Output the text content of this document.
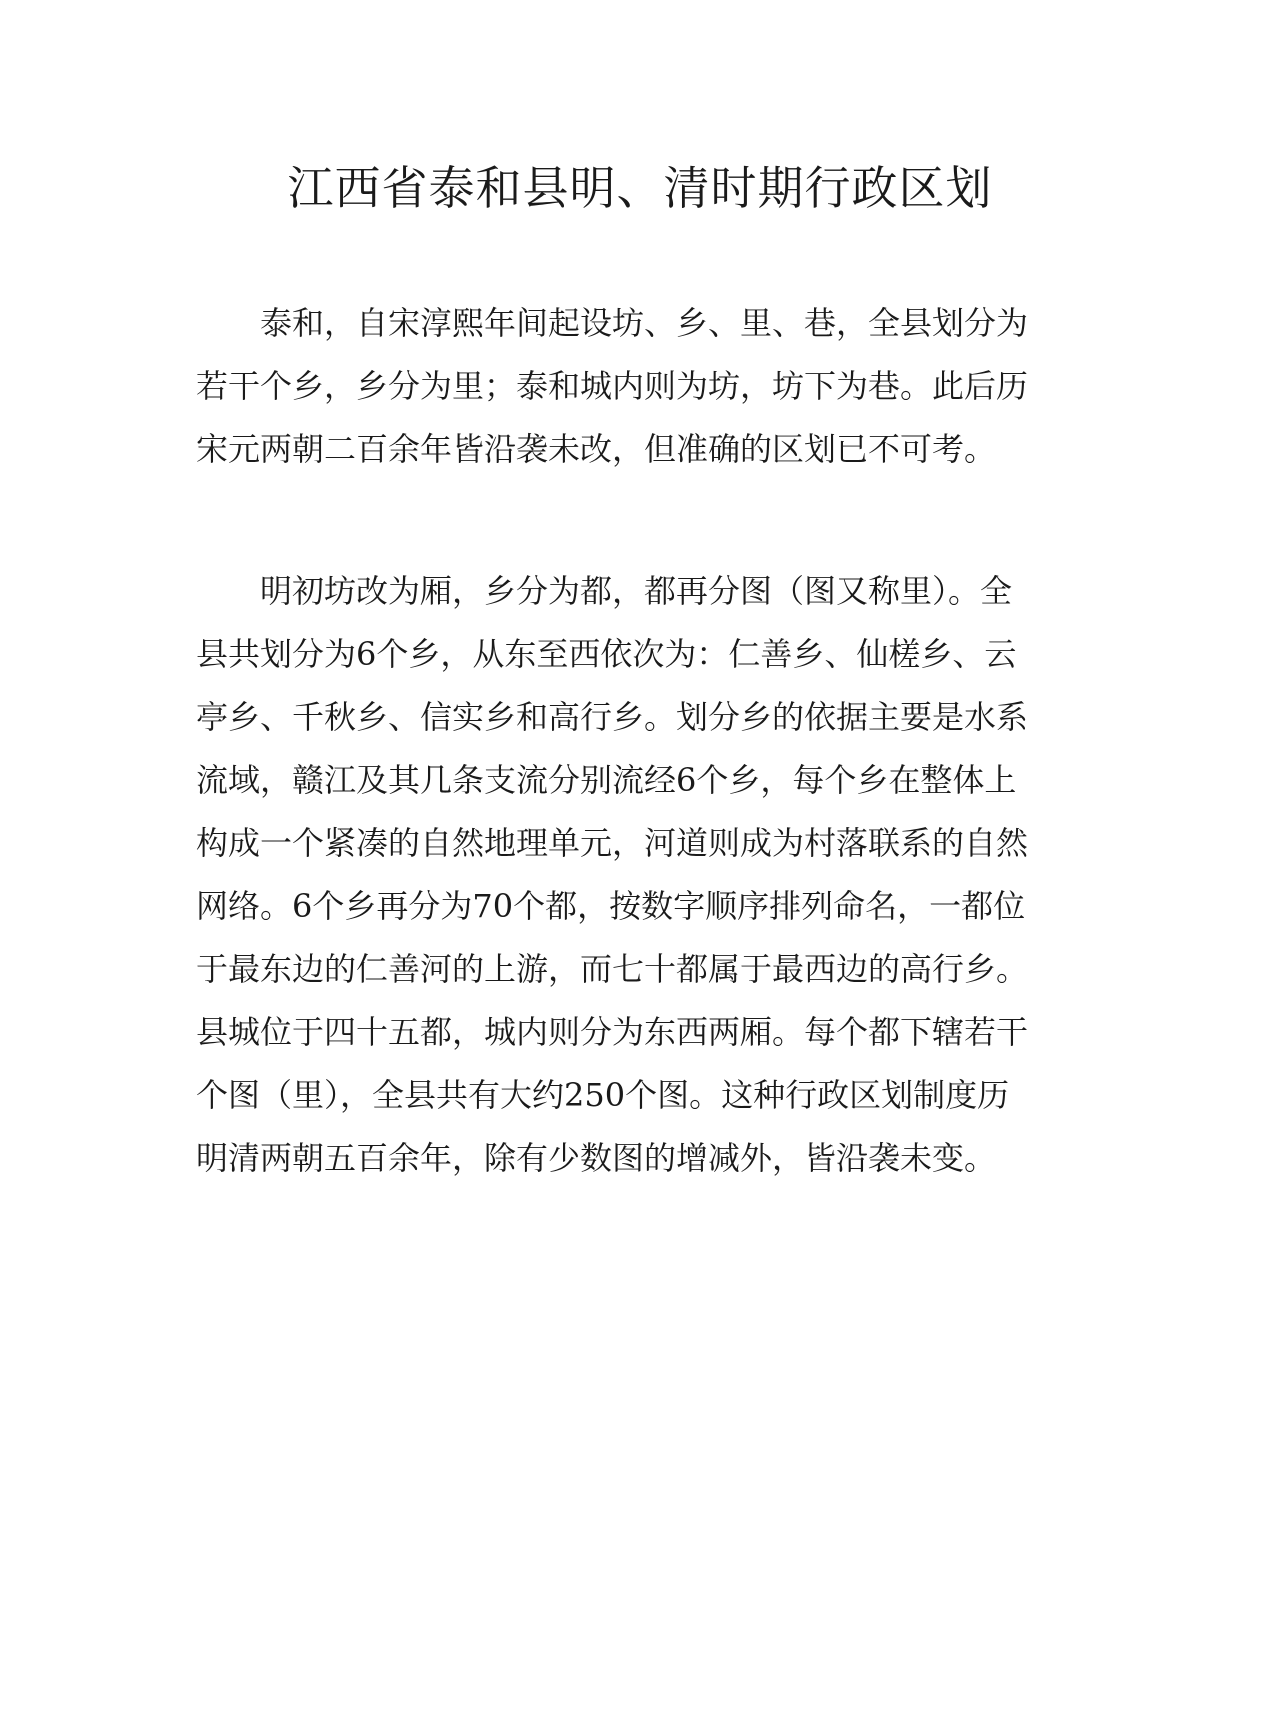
江西省泰和县明、清时期行政区划

泰和，自宋淳熙年间起设坊、乡、里、巷，全县划分为
若干个乡，乡分为里；泰和城内则为坊，坊下为巷。此后历
宋元两朝二百余年皆沿袭未改，但准确的区划已不可考。

明初坊改为厢，乡分为都，都再分图（图又称里）。全
县共划分为6个乡，从东至西依次为：仁善乡、仙槎乡、云
亭乡、千秋乡、信实乡和高行乡。划分乡的依据主要是水系
流域，赣江及其几条支流分别流经6个乡，每个乡在整体上
构成一个紧凑的自然地理单元，河道则成为村落联系的自然
网络。6个乡再分为70个都，按数字顺序排列命名，一都位
于最东边的仁善河的上游，而七十都属于最西边的高行乡。
县城位于四十五都，城内则分为东西两厢。每个都下辖若干
个图（里），全县共有大约250个图。这种行政区划制度历
明清两朝五百余年，除有少数图的增减外，皆沿袭未变。
